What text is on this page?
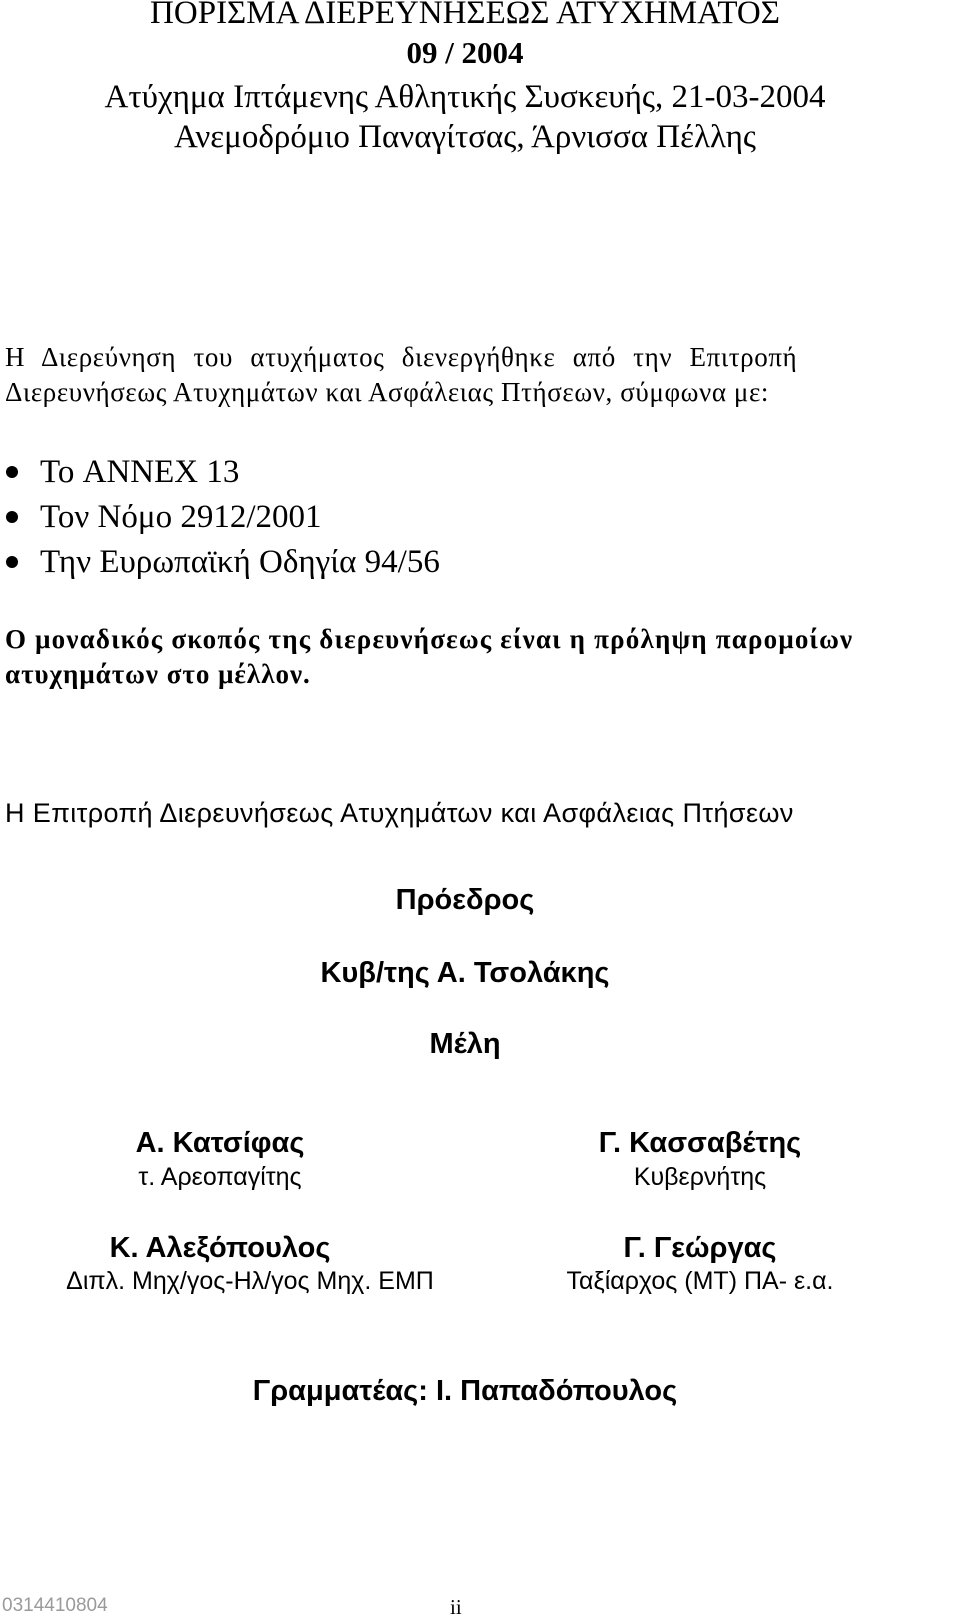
ΠΟΡΙΣΜΑ ΔΙΕΡΕΥΝΗΣΕΩΣ ΑΤΥΧΗΜΑΤΟΣ
09 / 2004
Ατύχημα Ιπτάμενης Αθλητικής Συσκευής, 21-03-2004
Ανεμοδρόμιο Παναγίτσας, Άρνισσα Πέλλης
Η Διερεύνηση του ατυχήματος διενεργήθηκε από την Επιτροπή
Διερευνήσεως Ατυχημάτων και Ασφάλειας Πτήσεων, σύμφωνα με:
Το ANNEX 13
Τον Νόμο 2912/2001
Την Ευρωπαϊκή Οδηγία 94/56
Ο μοναδικός σκοπός της διερευνήσεως είναι η πρόληψη παρομοίων
ατυχημάτων στο μέλλον.
Η Επιτροπή Διερευνήσεως Ατυχημάτων και Ασφάλειας Πτήσεων
Πρόεδρος
Κυβ/της Α. Τσολάκης
Μέλη
Α. Κατσίφας
τ. Αρεοπαγίτης
Γ. Κασσαβέτης
Κυβερνήτης
Κ. Αλεξόπουλος
Διπλ. Μηχ/γος-Ηλ/γος Μηχ. ΕΜΠ
Γ. Γεώργας
Ταξίαρχος (ΜΤ) ΠΑ- ε.α.
Γραμματέας: Ι. Παπαδόπουλος
0314410804	ii
